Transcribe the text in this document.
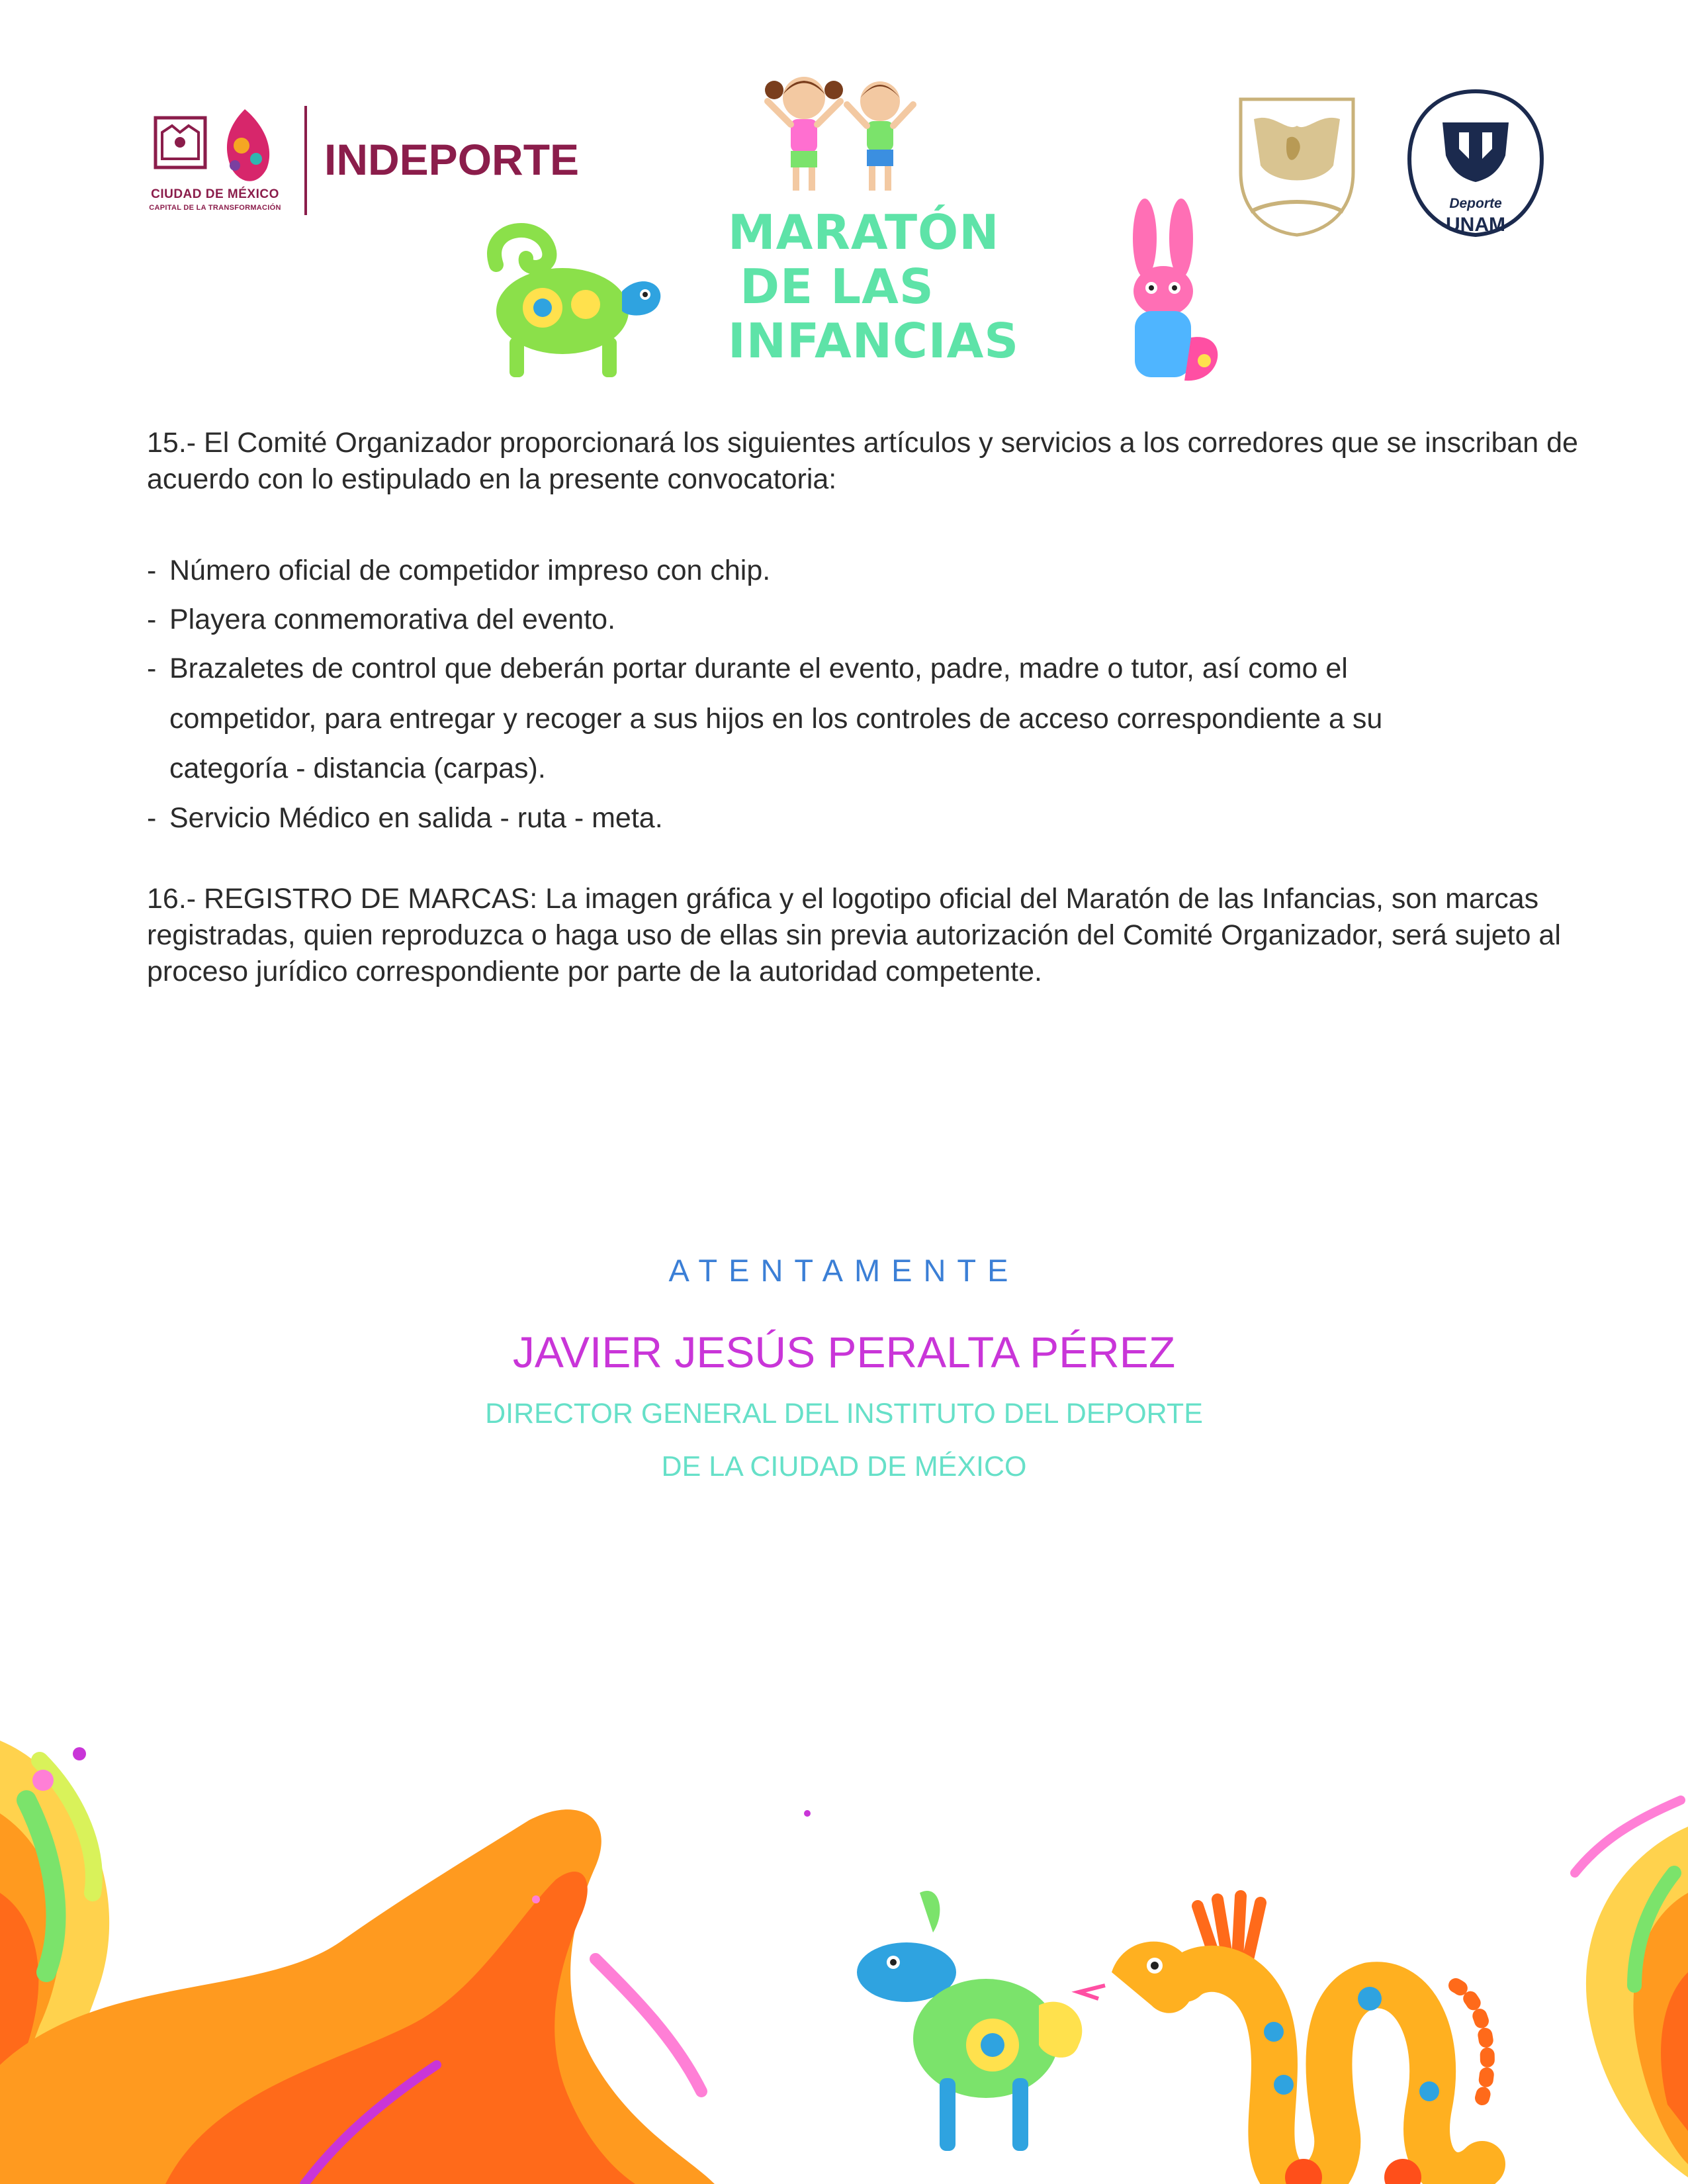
CIUDAD DE MÉXICO
CAPITAL DE LA TRANSFORMACIÓN
INDEPORTE
MARATÓN
DE LAS
INFANCIAS
Deporte
UNAM

15.- El Comité Organizador proporcionará los siguientes artículos y servicios a los corredores que se inscriban de acuerdo con lo estipulado en la presente convocatoria:

- Número oficial de competidor impreso con chip.
- Playera conmemorativa del evento.
- Brazaletes de control que deberán portar durante el evento, padre, madre o tutor, así como el
competidor, para entregar y recoger a sus hijos en los controles de acceso correspondiente a su
categoría - distancia (carpas).
- Servicio Médico en salida - ruta - meta.

16.- REGISTRO DE MARCAS: La imagen gráfica y el logotipo oficial del Maratón de las Infancias, son marcas registradas, quien reproduzca o haga uso de ellas sin previa autorización del Comité Organizador, será sujeto al proceso jurídico correspondiente por parte de la autoridad competente.

ATENTAMENTE
JAVIER JESÚS PERALTA PÉREZ
DIRECTOR GENERAL DEL INSTITUTO DEL DEPORTE
DE LA CIUDAD DE MÉXICO
